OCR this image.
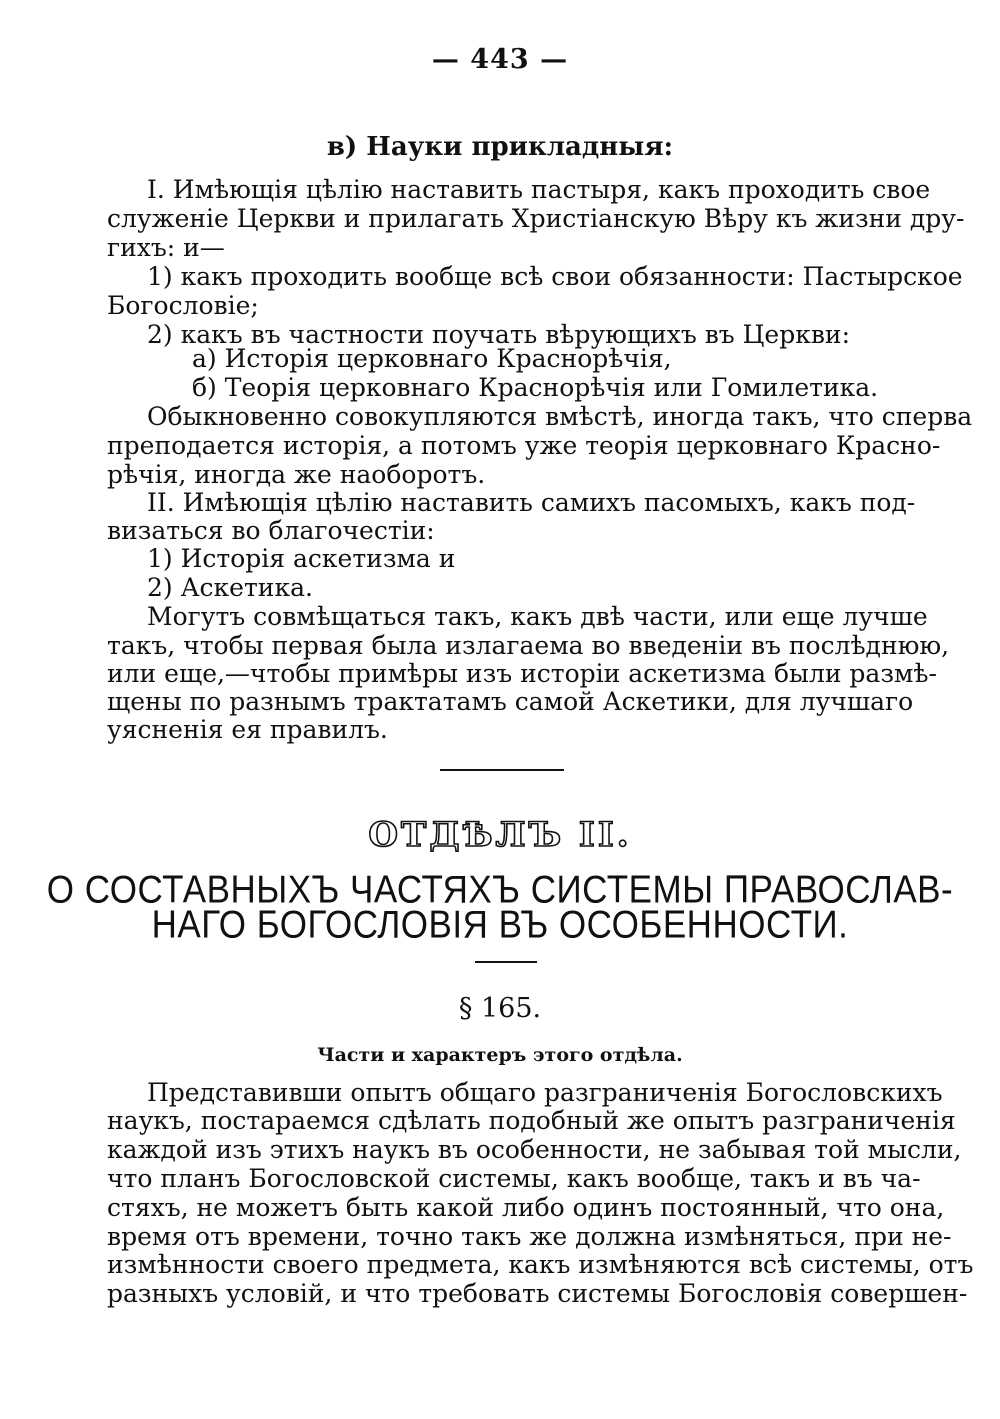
— 443 —
в) Науки прикладныя:
I. Имѣющія цѣлію наставить пастыря, какъ проходить свое
служеніе Церкви и прилагать Христіанскую Вѣру къ жизни дру-
гихъ: и—
1) какъ проходить вообще всѣ свои обязанности: Пастырское
Богословіе;
2) какъ въ частности поучать вѣрующихъ въ Церкви:
а) Исторія церковнаго Краснорѣчія,
б) Теорія церковнаго Краснорѣчія или Гомилетика.
Обыкновенно совокупляются вмѣстѣ, иногда такъ, что сперва
преподается исторія, а потомъ уже теорія церковнаго Красно-
рѣчія, иногда же наоборотъ.
II. Имѣющія цѣлію наставить самихъ пасомыхъ, какъ под-
визаться во благочестіи:
1) Исторія аскетизма и
2) Аскетика.
Могутъ совмѣщаться такъ, какъ двѣ части, или еще лучше
такъ, чтобы первая была излагаема во введеніи въ послѣднюю,
или еще,—чтобы примѣры изъ исторіи аскетизма были размѣ-
щены по разнымъ трактатамъ самой Аскетики, для лучшаго
уясненія ея правилъ.
ОТДѢЛЪ II.
О СОСТАВНЫХЪ ЧАСТЯХЪ СИСТЕМЫ ПРАВОСЛАВ-
НАГО БОГОСЛОВІЯ ВЪ ОСОБЕННОСТИ.
§ 165.
Части и характеръ этого отдѣла.
Представивши опытъ общаго разграниченія Богословскихъ
наукъ, постараемся сдѣлать подобный же опытъ разграниченія
каждой изъ этихъ наукъ въ особенности, не забывая той мысли,
что планъ Богословской системы, какъ вообще, такъ и въ ча-
стяхъ, не можетъ быть какой либо одинъ постоянный, что она,
время отъ времени, точно такъ же должна измѣняться, при не-
измѣнности своего предмета, какъ измѣняются всѣ системы, отъ
разныхъ условій, и что требовать системы Богословія совершен-
